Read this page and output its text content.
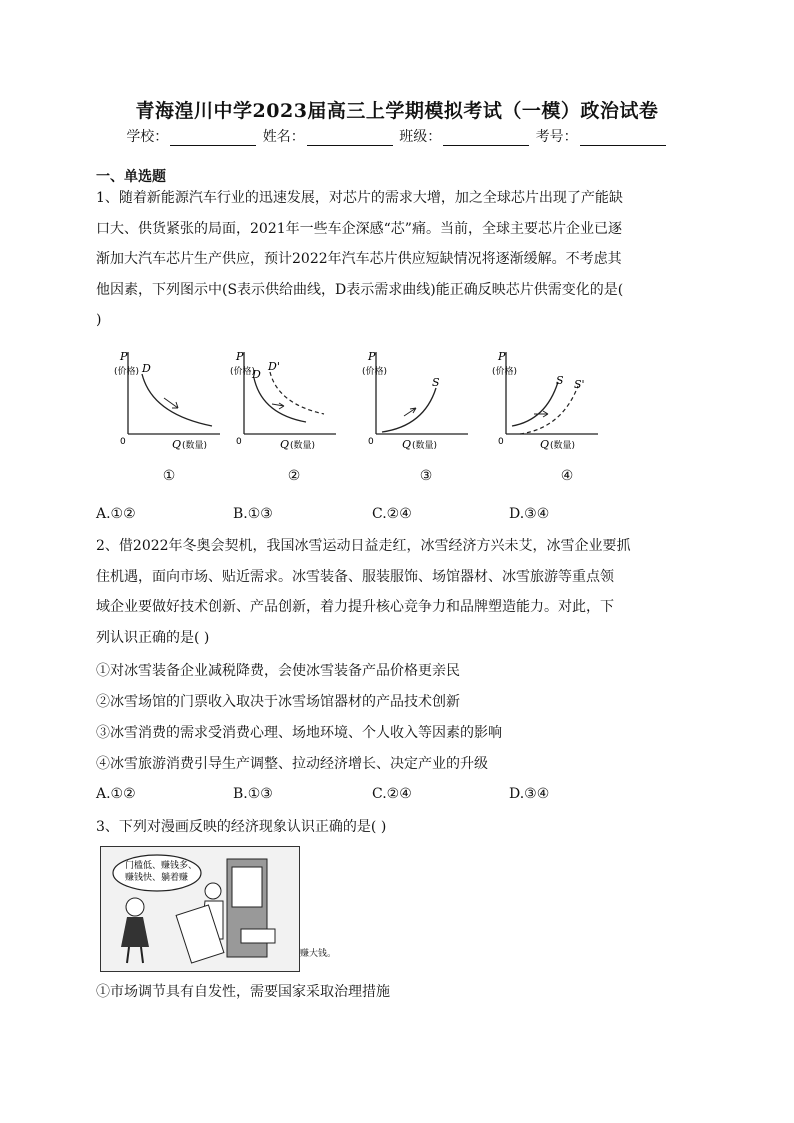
青海湟川中学2023届高三上学期模拟考试（一模）政治试卷
学校：	姓名：	班级：	考号：
一、单选题
1、随着新能源汽车行业的迅速发展，对芯片的需求大增，加之全球芯片出现了产能缺
口大、供货紧张的局面，2021年一些车企深感“芯”痛。当前，全球主要芯片企业已逐
渐加大汽车芯片生产供应，预计2022年汽车芯片供应短缺情况将逐渐缓解。不考虑其
他因素，下列图示中(S表示供给曲线，D表示需求曲线)能正确反映芯片供需变化的是(
)
P
(价格)
0	Q (数量)
D
①
P
(价格)
0	Q (数量)
D
D'
②
P
(价格)
0	Q (数量)
S
③
P
(价格)
0	Q (数量)
S S'
④
A.①②	B.①③	C.②④	D.③④
2、借2022年冬奥会契机，我国冰雪运动日益走红，冰雪经济方兴未艾，冰雪企业要抓
住机遇，面向市场、贴近需求。冰雪装备、服装服饰、场馆器材、冰雪旅游等重点领
域企业要做好技术创新、产品创新，着力提升核心竞争力和品牌塑造能力。对此，下
列认识正确的是( )
①对冰雪装备企业减税降费，会使冰雪装备产品价格更亲民
②冰雪场馆的门票收入取决于冰雪场馆器材的产品技术创新
③冰雪消费的需求受消费心理、场地环境、个人收入等因素的影响
④冰雪旅游消费引导生产调整、拉动经济增长、决定产业的升级
A.①②	B.①③	C.②④	D.③④
3、下列对漫画反映的经济现象认识正确的是( )
门槛低、赚钱多、
赚钱快、躺着赚
赚大钱。
①市场调节具有自发性，需要国家采取治理措施
